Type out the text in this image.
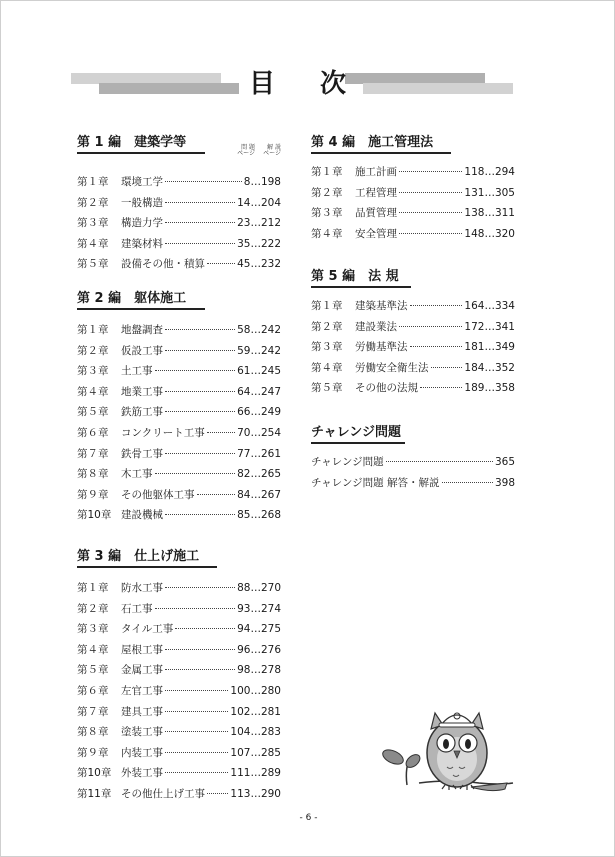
目 次
第 1 編　建築学等	問 題
ページ
解 説
ページ
第１章	環境工学	8…198
第２章	一般構造	14…204
第３章	構造力学	23…212
第４章	建築材料	35…222
第５章	設備その他・積算	45…232
第 2 編　躯体施工
第１章	地盤調査	58…242
第２章	仮設工事	59…242
第３章	土工事	61…245
第４章	地業工事	64…247
第５章	鉄筋工事	66…249
第６章	コンクリート工事	70…254
第７章	鉄骨工事	77…261
第８章	木工事	82…265
第９章	その他躯体工事	84…267
第10章 建設機械	85…268
第 3 編　仕上げ施工
第１章	防水工事	88…270
第２章	石工事	93…274
第３章	タイル工事	94…275
第４章	屋根工事	96…276
第５章	金属工事	98…278
第６章	左官工事	100…280
第７章	建具工事	102…281
第８章	塗装工事	104…283
第９章	内装工事	107…285
第10章 外装工事	111…289
第11章 その他仕上げ工事 113…290
第 4 編　施工管理法
第１章	施工計画	118…294
第２章	工程管理	131…305
第３章	品質管理	138…311
第４章	安全管理	148…320
第 5 編　法 規
第１章	建築基準法	164…334
第２章	建設業法	172…341
第３章	労働基準法	181…349
第４章	労働安全衛生法	184…352
第５章	その他の法規	189…358
チャレンジ問題
チャレンジ問題	365
チャレンジ問題 解答・解説	398
- 6 -
